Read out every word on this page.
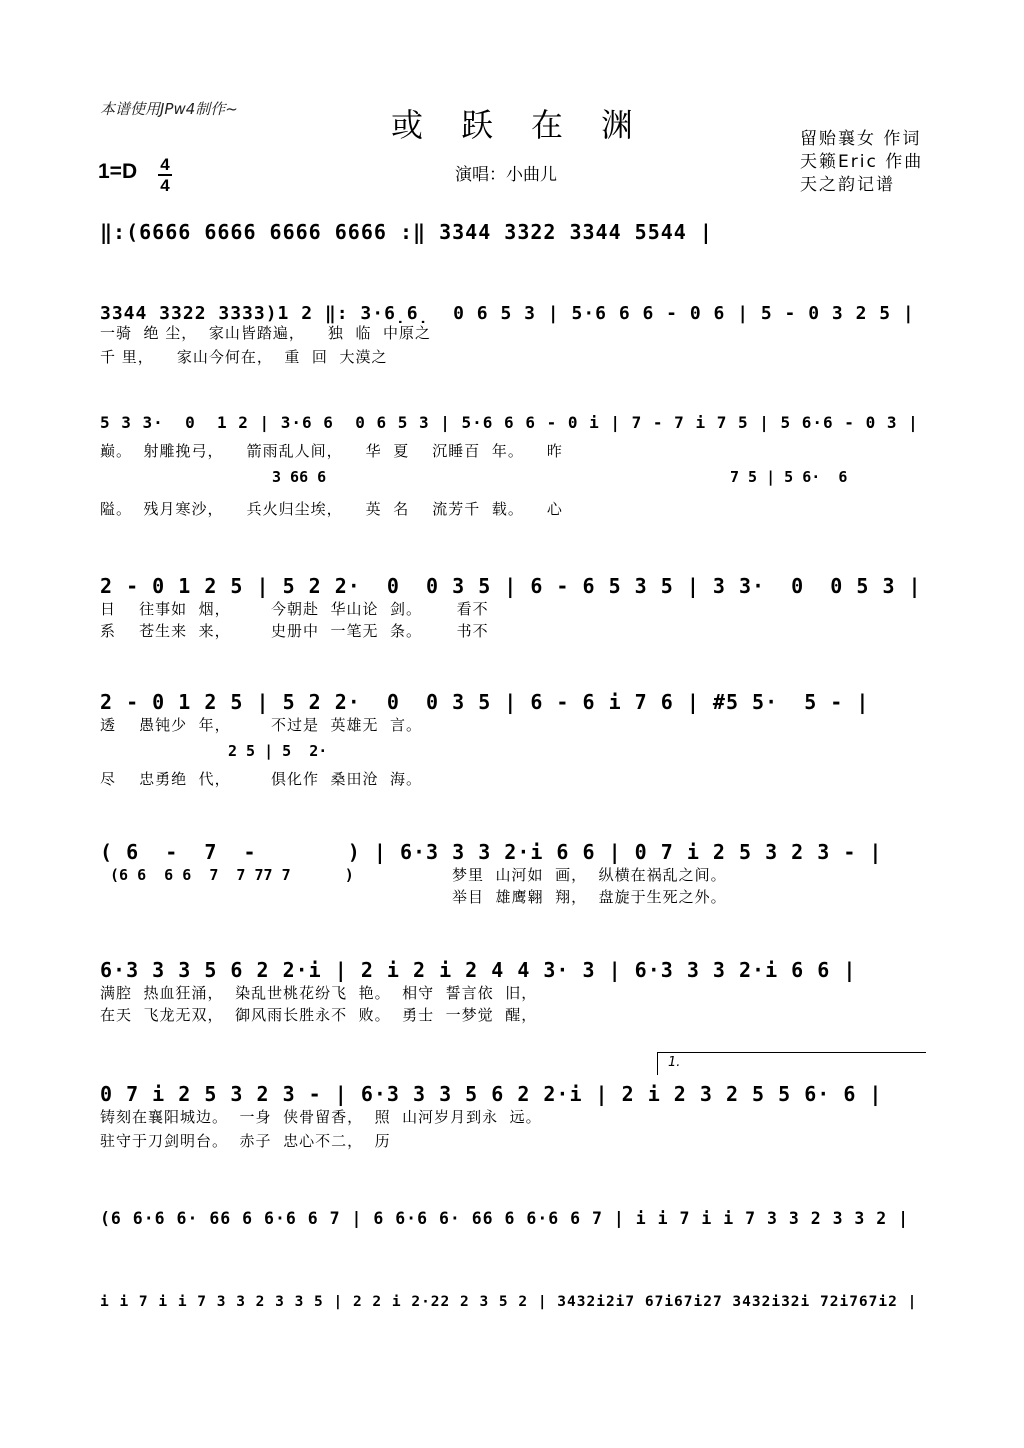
本谱使用JPw4制作~	或跃在渊	留贻襄女 作词
天籁Eric 作曲
天之韵记谱
1=D 4
4
演唱：小曲儿
‖:(6666 6666 6666 6666 :‖ 3344 3322 3344 5544 |
3344 3322 3333)1 2 ‖: 3·6̣6̣  0 6 5 3 | 5·6 6 6 - 0 6 | 5 - 0 3 2 5 |
一骑  绝 尘，  家山皆踏遍，    独  临  中原之
千 里，    家山今何在，  重  回  大漠之
5 3 3·  0  1 2 | 3·6 6  0 6 5 3 | 5·6 6 6 - 0 i | 7 - 7 i 7 5 | 5 6·6 - 0 3 |
巅。  射雕挽弓，    箭雨乱人间，    华  夏    沉睡百  年。    昨
3 66 6	7 5 | 5 6·  6
隘。  残月寒沙，    兵火归尘埃，    英  名    流芳千  载。    心
2 - 0 1 2 5 | 5 2 2·  0  0 3 5 | 6 - 6 5 3 5 | 3 3·  0  0 5 3 |
日    往事如  烟，       今朝赴  华山论  剑。      看不
系    苍生来  来，       史册中  一笔无  条。      书不
2 - 0 1 2 5 | 5 2 2·  0  0 3 5 | 6 - 6 i 7 6 | #5 5·  5 - |
透    愚钝少  年，       不过是  英雄无  言。
2 5 | 5  2·
尽    忠勇绝  代，       俱化作  桑田沧  海。
( 6  -  7  -       ) | 6·3 3 3 2·i 6 6 | 0 7 i 2 5 3 2 3 - |
(6 6  6 6  7  7 77 7      )	梦里  山河如  画，  纵横在祸乱之间。
举目  雄鹰翱  翔，  盘旋于生死之外。
6·3 3 3 5 6 2 2·i | 2 i 2 i 2 4 4 3· 3 | 6·3 3 3 2·i 6 6 |
满腔  热血狂涌，  染乱世桃花纷飞  艳。  相守  誓言依  旧，
在天  飞龙无双，  御风雨长胜永不  败。  勇士  一梦觉  醒，
1.
0 7 i 2 5 3 2 3 - | 6·3 3 3 5 6 2 2·i | 2 i 2 3 2 5 5 6· 6 |
铸刻在襄阳城边。  一身  侠骨留香，  照  山河岁月到永  远。
驻守于刀剑明台。  赤子  忠心不二，  历
(6 6·6 6· 66 6 6·6 6 7 | 6 6·6 6· 66 6 6·6 6 7 | i i 7 i i 7 3 3 2 3 3 2 |
i i 7 i i 7 3 3 2 3 3 5 | 2 2 i 2·22 2 3 5 2 | 3432i2i7 67i67i27 3432i32i 72i767i2 |
